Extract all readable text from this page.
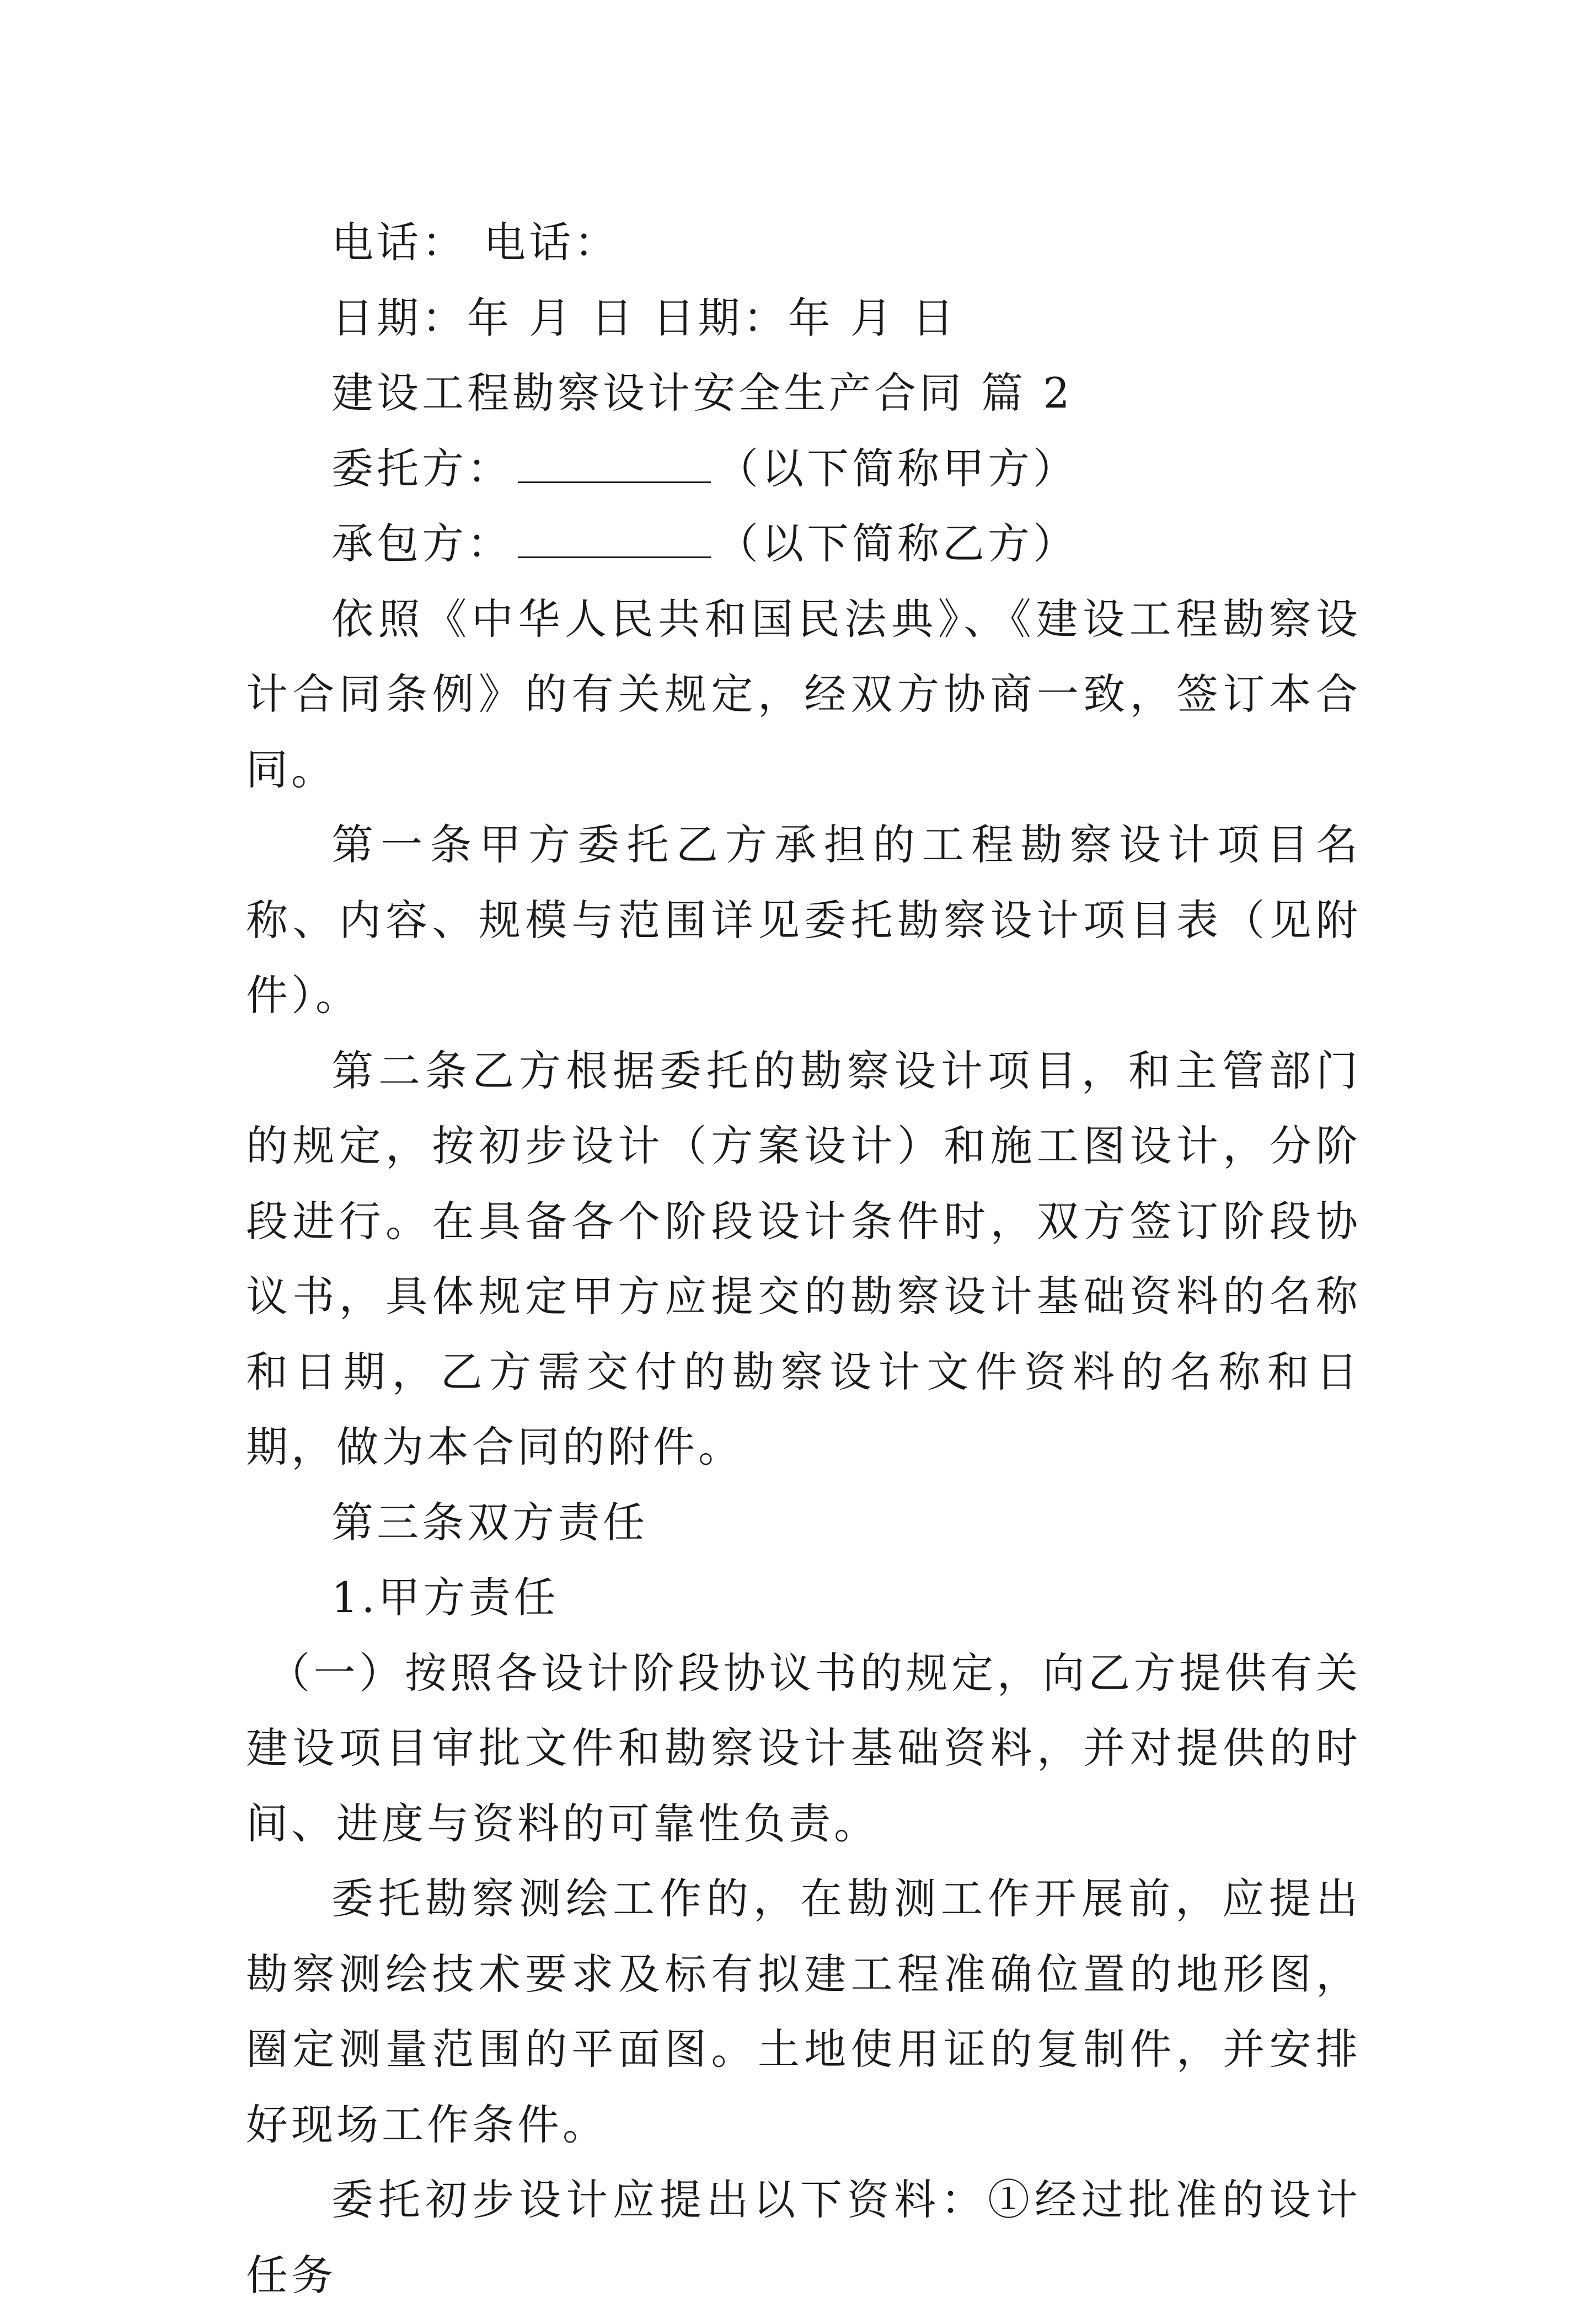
电话： 电话：

日期：年 月 日 日期：年 月 日

建设工程勘察设计安全生产合同 篇 2

委托方：	（以下简称甲方）

承包方：	（以下简称乙方）

依照《中华人民共和国民法典》、《建设工程勘察设计合同条例》的有关规定，经双方协商一致，签订本合同。

第一条甲方委托乙方承担的工程勘察设计项目名称、内容、规模与范围详见委托勘察设计项目表（见附件）。

第二条乙方根据委托的勘察设计项目，和主管部门的规定，按初步设计（方案设计）和施工图设计，分阶段进行。在具备各个阶段设计条件时，双方签订阶段协议书，具体规定甲方应提交的勘察设计基础资料的名称和日期，乙方需交付的勘察设计文件资料的名称和日期，做为本合同的附件。

第三条双方责任

1.甲方责任

（一）按照各设计阶段协议书的规定，向乙方提供有关建设项目审批文件和勘察设计基础资料，并对提供的时间、进度与资料的可靠性负责。

委托勘察测绘工作的，在勘测工作开展前，应提出勘察测绘技术要求及标有拟建工程准确位置的地形图，圈定测量范围的平面图。土地使用证的复制件，并安排好现场工作条件。

委托初步设计应提出以下资料：①经过批准的设计任务
